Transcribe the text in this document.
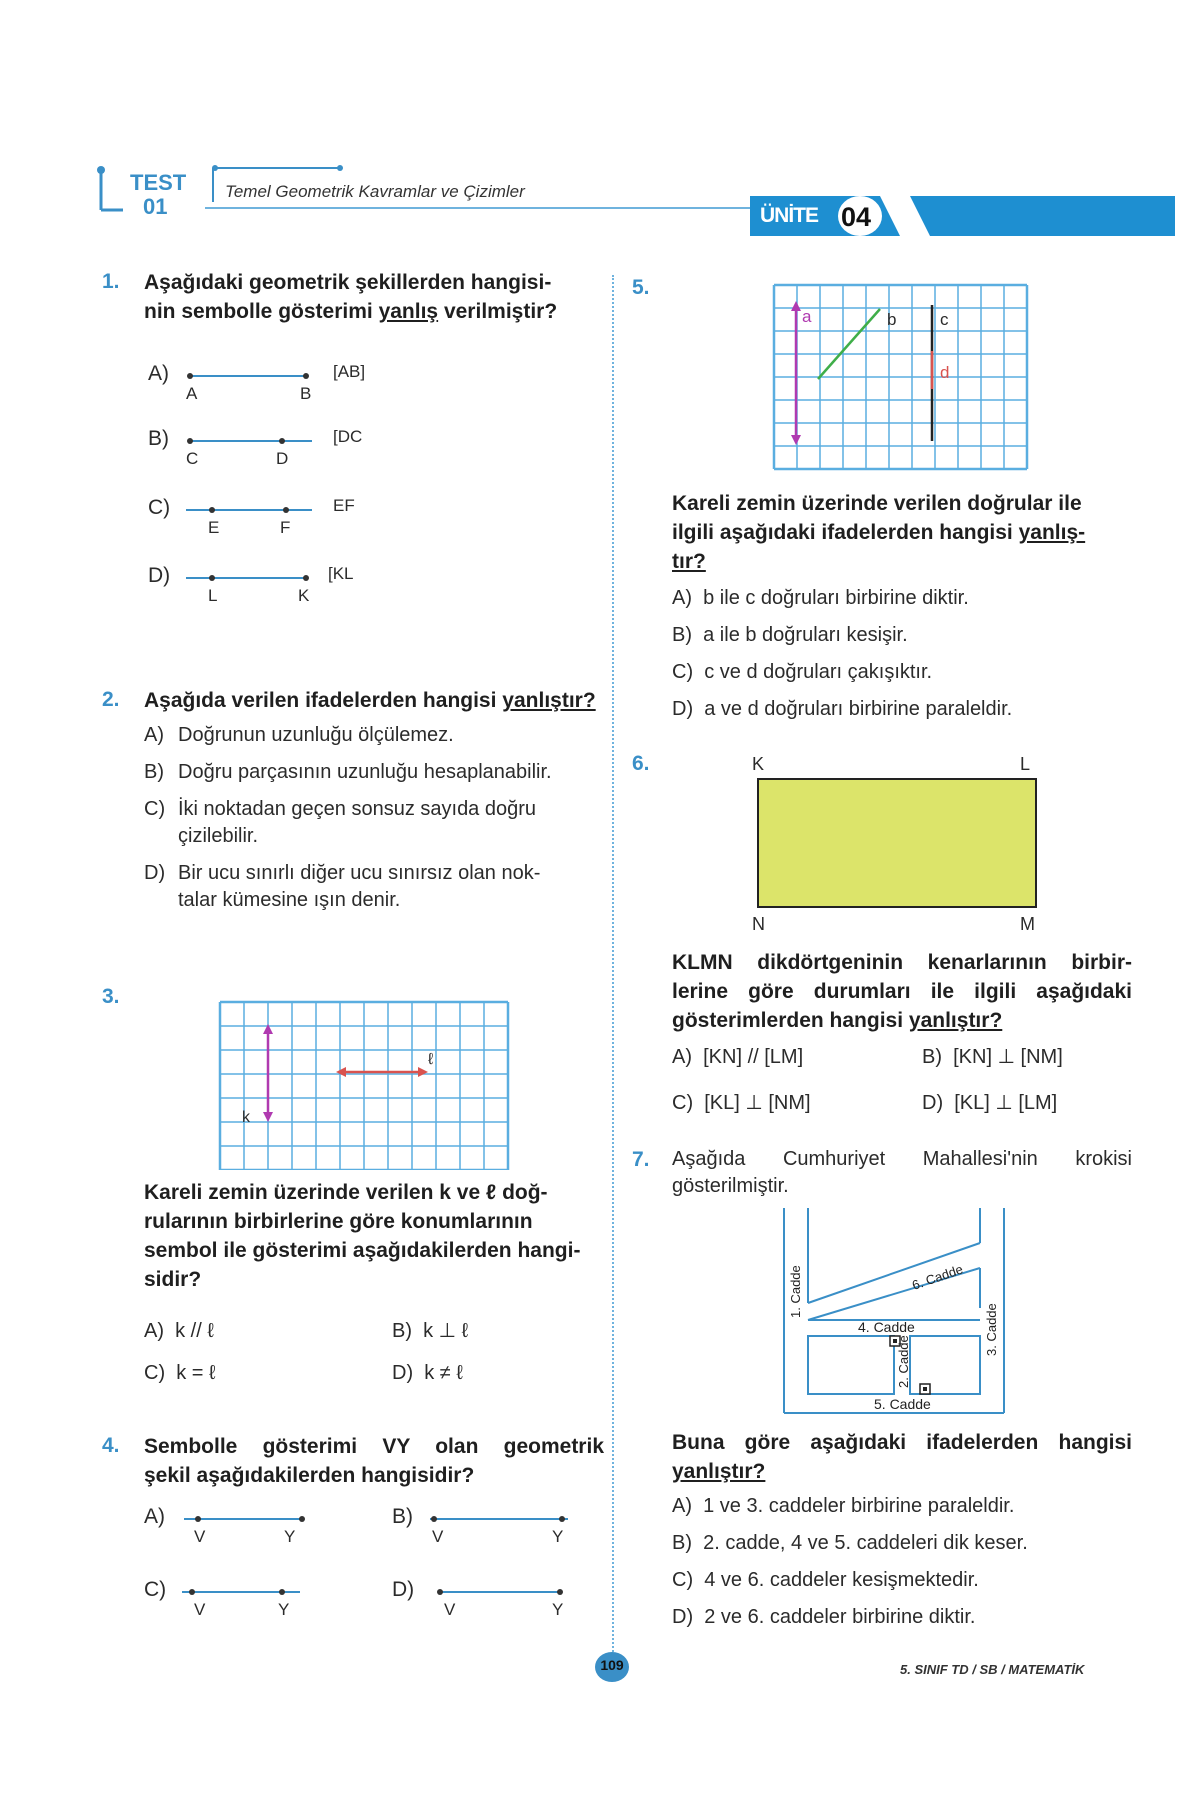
TEST
01
Temel Geometrik Kavramlar ve Çizimler
ÜNİTE 04
1. Aşağıdaki geometrik şekillerden hangisi-
nin sembolle gösterimi yanlış verilmiştir?
A)
A	B
[AB]
B)
C	D
[DC
C)
E	F
EF
D)
L	K
[KL
2. Aşağıda verilen ifadelerden hangisi yanlıştır?
A) Doğrunun uzunluğu ölçülemez.
B) Doğru parçasının uzunluğu hesaplanabilir.
C) İki noktadan geçen sonsuz sayıda doğru
çizilebilir.
D) Bir ucu sınırlı diğer ucu sınırsız olan nok-
talar kümesine ışın denir.
3.
k
ℓ
Kareli zemin üzerinde verilen k ve ℓ doğ-
rularının birbirlerine göre konumlarının
sembol ile gösterimi aşağıdakilerden hangi-
sidir?
A) k // ℓ	B) k ⊥ ℓ
C) k = ℓ	D) k ≠ ℓ
4. Sembolle gösterimi VY olan geometrik
şekil aşağıdakilerden hangisidir?
A)
V	Y
B)
V	Y
C)
V	Y
D)
V	Y
5.
a	b	c
d
Kareli zemin üzerinde verilen doğrular ile
ilgili aşağıdaki ifadelerden hangisi yanlış-
tır?
A) b ile c doğruları birbirine diktir.
B) a ile b doğruları kesişir.
C) c ve d doğruları çakışıktır.
D) a ve d doğruları birbirine paraleldir.
6.	K	L
N	M
KLMN dikdörtgeninin kenarlarının birbir-
lerine göre durumları ile ilgili aşağıdaki
gösterimlerden hangisi yanlıştır?
A) [KN] // [LM]	B) [KN] ⊥ [NM]
C) [KL] ⊥ [NM]	D) [KL] ⊥ [LM]
7. Aşağıda Cumhuriyet Mahallesi'nin krokisi
gösterilmiştir.
1. Cadde
2. Cadde
3. Cadde
4. Cadde
5. Cadde
6. Cadde
Buna göre aşağıdaki ifadelerden hangisi
yanlıştır?
A) 1 ve 3. caddeler birbirine paraleldir.
B) 2. cadde, 4 ve 5. caddeleri dik keser.
C) 4 ve 6. caddeler kesişmektedir.
D) 2 ve 6. caddeler birbirine diktir.
109	5. SINIF TD / SB / MATEMATİK
